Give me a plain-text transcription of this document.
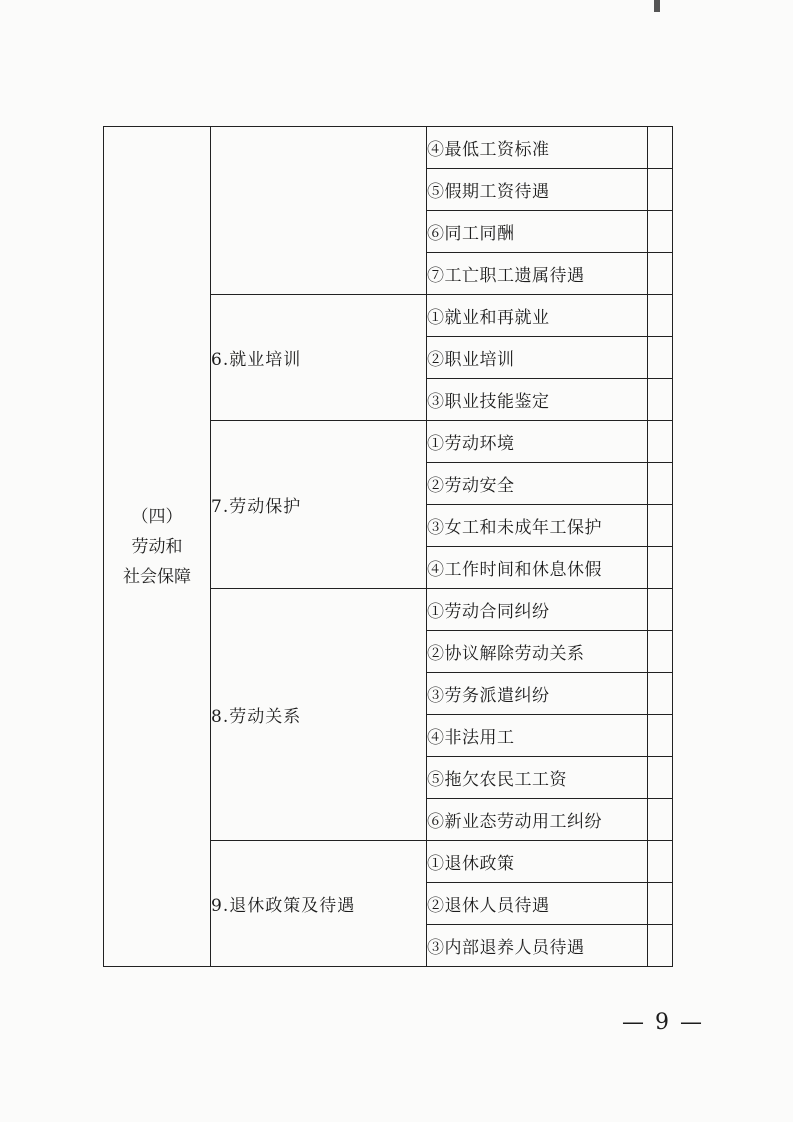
（四）
劳动和
社会保障		④最低工资标准	
		⑤假期工资待遇	
		⑥同工同酬	
		⑦工亡职工遗属待遇	
	6.就业培训	①就业和再就业	
		②职业培训	
		③职业技能鉴定	
	7.劳动保护	①劳动环境	
		②劳动安全	
		③女工和未成年工保护	
		④工作时间和休息休假	
	8.劳动关系	①劳动合同纠纷	
		②协议解除劳动关系	
		③劳务派遣纠纷	
		④非法用工	
		⑤拖欠农民工工资	
		⑥新业态劳动用工纠纷	
	9.退休政策及待遇	①退休政策	
		②退休人员待遇	
		③内部退养人员待遇	
— 9 —
